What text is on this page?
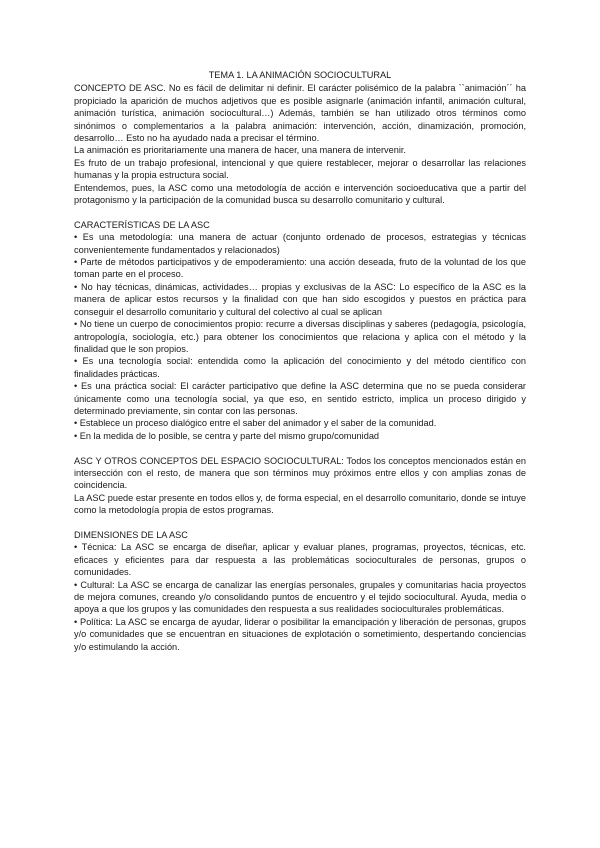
TEMA 1. LA ANIMACIÓN SOCIOCULTURAL

CONCEPTO DE ASC. No es fácil de delimitar ni definir. El carácter polisémico de la palabra ``animación´´ ha propiciado la aparición de muchos adjetivos que es posible asignarle (animación infantil, animación cultural, animación turística, animación sociocultural…) Además, también se han utilizado otros términos como sinónimos o complementarios a la palabra animación: intervención, acción, dinamización, promoción, desarrollo… Esto no ha ayudado nada a precisar el término.

La animación es prioritariamente una manera de hacer, una manera de intervenir.

Es fruto de un trabajo profesional, intencional y que quiere restablecer, mejorar o desarrollar las relaciones humanas y la propia estructura social.

Entendemos, pues, la ASC como una metodología de acción e intervención socioeducativa que a partir del protagonismo y la participación de la comunidad busca su desarrollo comunitario y cultural.

CARACTERÍSTICAS DE LA ASC

• Es una metodología: una manera de actuar (conjunto ordenado de procesos, estrategias y técnicas convenientemente fundamentados y relacionados)

• Parte de métodos participativos y de empoderamiento: una acción deseada, fruto de la voluntad de los que toman parte en el proceso.

• No hay técnicas, dinámicas, actividades… propias y exclusivas de la ASC: Lo específico de la ASC es la manera de aplicar estos recursos y la finalidad con que han sido escogidos y puestos en práctica para conseguir el desarrollo comunitario y cultural del colectivo al cual se aplican

• No tiene un cuerpo de conocimientos propio: recurre a diversas disciplinas y saberes (pedagogía, psicología, antropología, sociología, etc.) para obtener los conocimientos que relaciona y aplica con el método y la finalidad que le son propios.

• Es una tecnología social: entendida como la aplicación del conocimiento y del método científico con finalidades prácticas.

• Es una práctica social: El carácter participativo que define la ASC determina que no se pueda considerar únicamente como una tecnología social, ya que eso, en sentido estricto, implica un proceso dirigido y determinado previamente, sin contar con las personas.

• Establece un proceso dialógico entre el saber del animador y el saber de la comunidad.

• En la medida de lo posible, se centra y parte del mismo grupo/comunidad

ASC Y OTROS CONCEPTOS DEL ESPACIO SOCIOCULTURAL: Todos los conceptos mencionados están en intersección con el resto, de manera que son términos muy próximos entre ellos y con amplias zonas de coincidencia.

La ASC puede estar presente en todos ellos y, de forma especial, en el desarrollo comunitario, donde se intuye como la metodología propia de estos programas.

DIMENSIONES DE LA ASC

• Técnica: La ASC se encarga de diseñar, aplicar y evaluar planes, programas, proyectos, técnicas, etc. eficaces y eficientes para dar respuesta a las problemáticas socioculturales de personas, grupos o comunidades.

• Cultural: La ASC se encarga de canalizar las energías personales, grupales y comunitarias hacia proyectos de mejora comunes, creando y/o consolidando puntos de encuentro y el tejido sociocultural. Ayuda, media o apoya a que los grupos y las comunidades den respuesta a sus realidades socioculturales problemáticas.

• Política: La ASC se encarga de ayudar, liderar o posibilitar la emancipación y liberación de personas, grupos y/o comunidades que se encuentran en situaciones de explotación o sometimiento, despertando conciencias y/o estimulando la acción.
